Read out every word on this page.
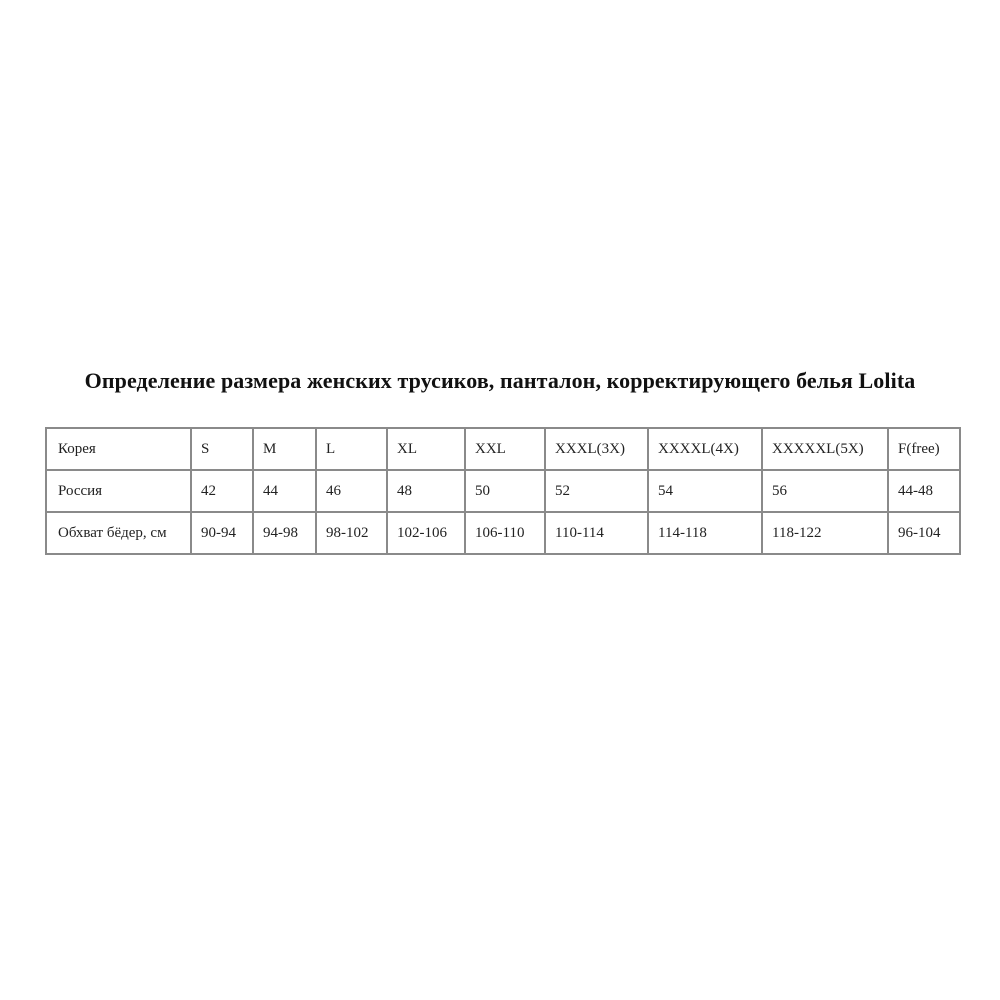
Определение размера женских трусиков, панталон, корректирующего белья Lolita
Корея	S	M	L	XL	XXL	XXXL(3X)	XXXXL(4X)	XXXXXL(5X)	F(free)
Россия	42	44	46	48	50	52	54	56	44-48
Обхват бёдер, см	90-94	94-98	98-102	102-106	106-110	110-114	114-118	118-122	96-104
